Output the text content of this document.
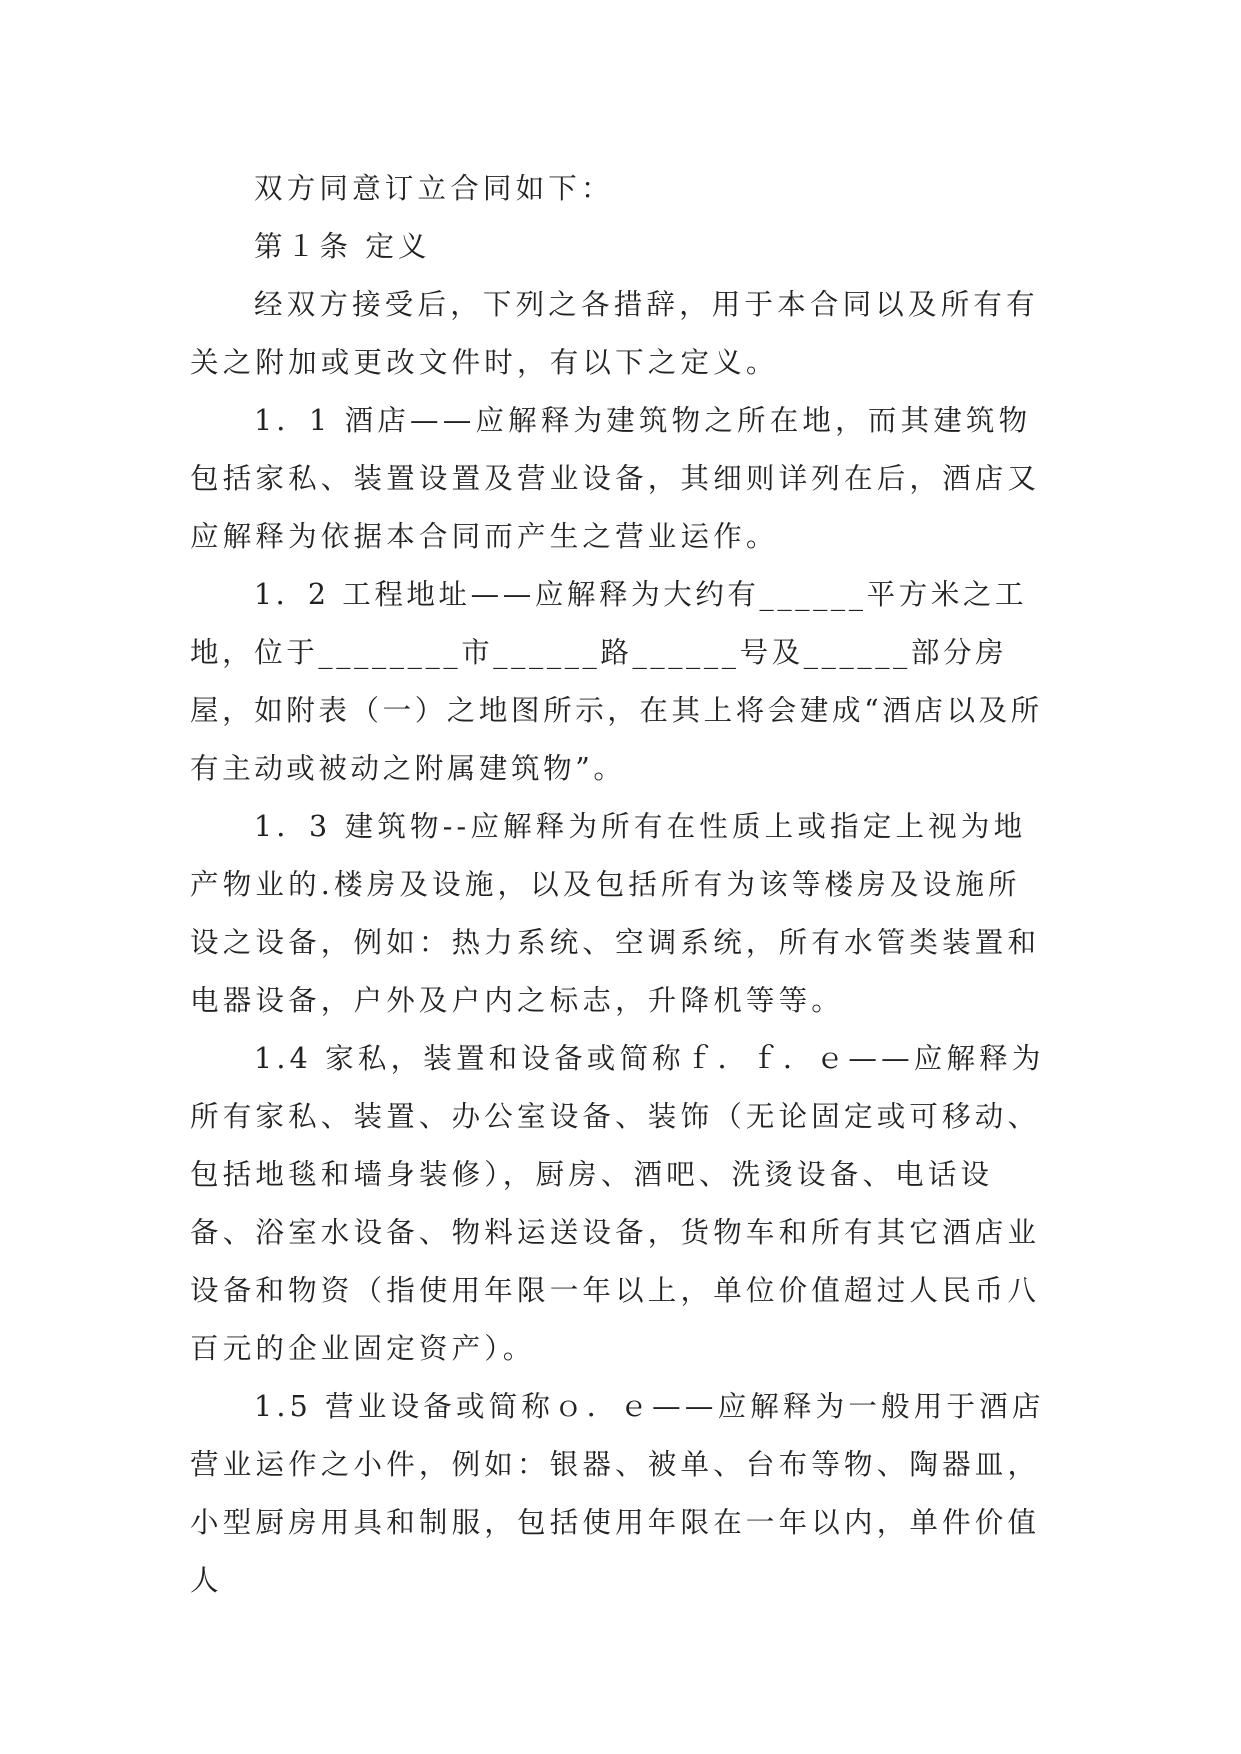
双方同意订立合同如下：

第１条 定义

经双方接受后，下列之各措辞，用于本合同以及所有有关之附加或更改文件时，有以下之定义。

1．1 酒店——应解释为建筑物之所在地，而其建筑物包括家私、装置设置及营业设备，其细则详列在后，酒店又应解释为依据本合同而产生之营业运作。

1．2 工程地址——应解释为大约有______平方米之工地，位于________市______路______号及______部分房屋，如附表（一）之地图所示，在其上将会建成“酒店以及所有主动或被动之附属建筑物”。

1．3 建筑物--应解释为所有在性质上或指定上视为地产物业的.楼房及设施，以及包括所有为该等楼房及设施所设之设备，例如：热力系统、空调系统，所有水管类装置和电器设备，户外及户内之标志，升降机等等。

1.4 家私，装置和设备或简称ｆ．ｆ．ｅ——应解释为所有家私、装置、办公室设备、装饰（无论固定或可移动、包括地毯和墙身装修），厨房、酒吧、洗烫设备、电话设备、浴室水设备、物料运送设备，货物车和所有其它酒店业设备和物资（指使用年限一年以上，单位价值超过人民币八百元的企业固定资产）。

1.5 营业设备或简称ｏ．ｅ——应解释为一般用于酒店营业运作之小件，例如：银器、被单、台布等物、陶器皿，小型厨房用具和制服，包括使用年限在一年以内，单件价值人
